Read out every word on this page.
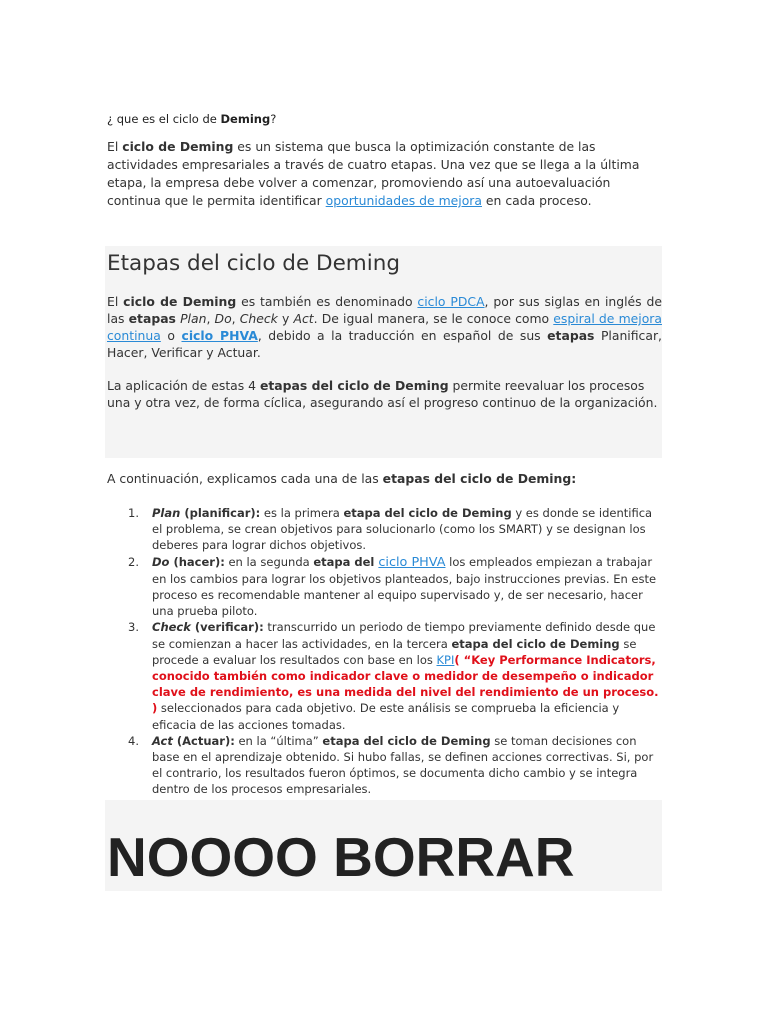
¿ que es el ciclo de Deming?
El ciclo de Deming es un sistema que busca la optimización constante de las actividades empresariales a través de cuatro etapas. Una vez que se llega a la última etapa, la empresa debe volver a comenzar, promoviendo así una autoevaluación continua que le permita identificar oportunidades de mejora en cada proceso.
Etapas del ciclo de Deming
El ciclo de Deming es también es denominado ciclo PDCA, por sus siglas en inglés de las etapas Plan, Do, Check y Act. De igual manera, se le conoce como espiral de mejora continua o ciclo PHVA, debido a la traducción en español de sus etapas Planificar, Hacer, Verificar y Actuar.
La aplicación de estas 4 etapas del ciclo de Deming permite reevaluar los procesos una y otra vez, de forma cíclica, asegurando así el progreso continuo de la organización.
A continuación, explicamos cada una de las etapas del ciclo de Deming:
1. Plan (planificar): es la primera etapa del ciclo de Deming y es donde se identifica el problema, se crean objetivos para solucionarlo (como los SMART) y se designan los deberes para lograr dichos objetivos.
2. Do (hacer): en la segunda etapa del ciclo PHVA los empleados empiezan a trabajar en los cambios para lograr los objetivos planteados, bajo instrucciones previas. En este proceso es recomendable mantener al equipo supervisado y, de ser necesario, hacer una prueba piloto.
3. Check (verificar): transcurrido un periodo de tiempo previamente definido desde que se comienzan a hacer las actividades, en la tercera etapa del ciclo de Deming se procede a evaluar los resultados con base en los KPI( “Key Performance Indicators, conocido también como indicador clave o medidor de desempeño o indicador clave de rendimiento, es una medida del nivel del rendimiento de un proceso. ) seleccionados para cada objetivo. De este análisis se comprueba la eficiencia y eficacia de las acciones tomadas.
4. Act (Actuar): en la “última” etapa del ciclo de Deming se toman decisiones con base en el aprendizaje obtenido. Si hubo fallas, se definen acciones correctivas. Si, por el contrario, los resultados fueron óptimos, se documenta dicho cambio y se integra dentro de los procesos empresariales.
NOOOO BORRAR
